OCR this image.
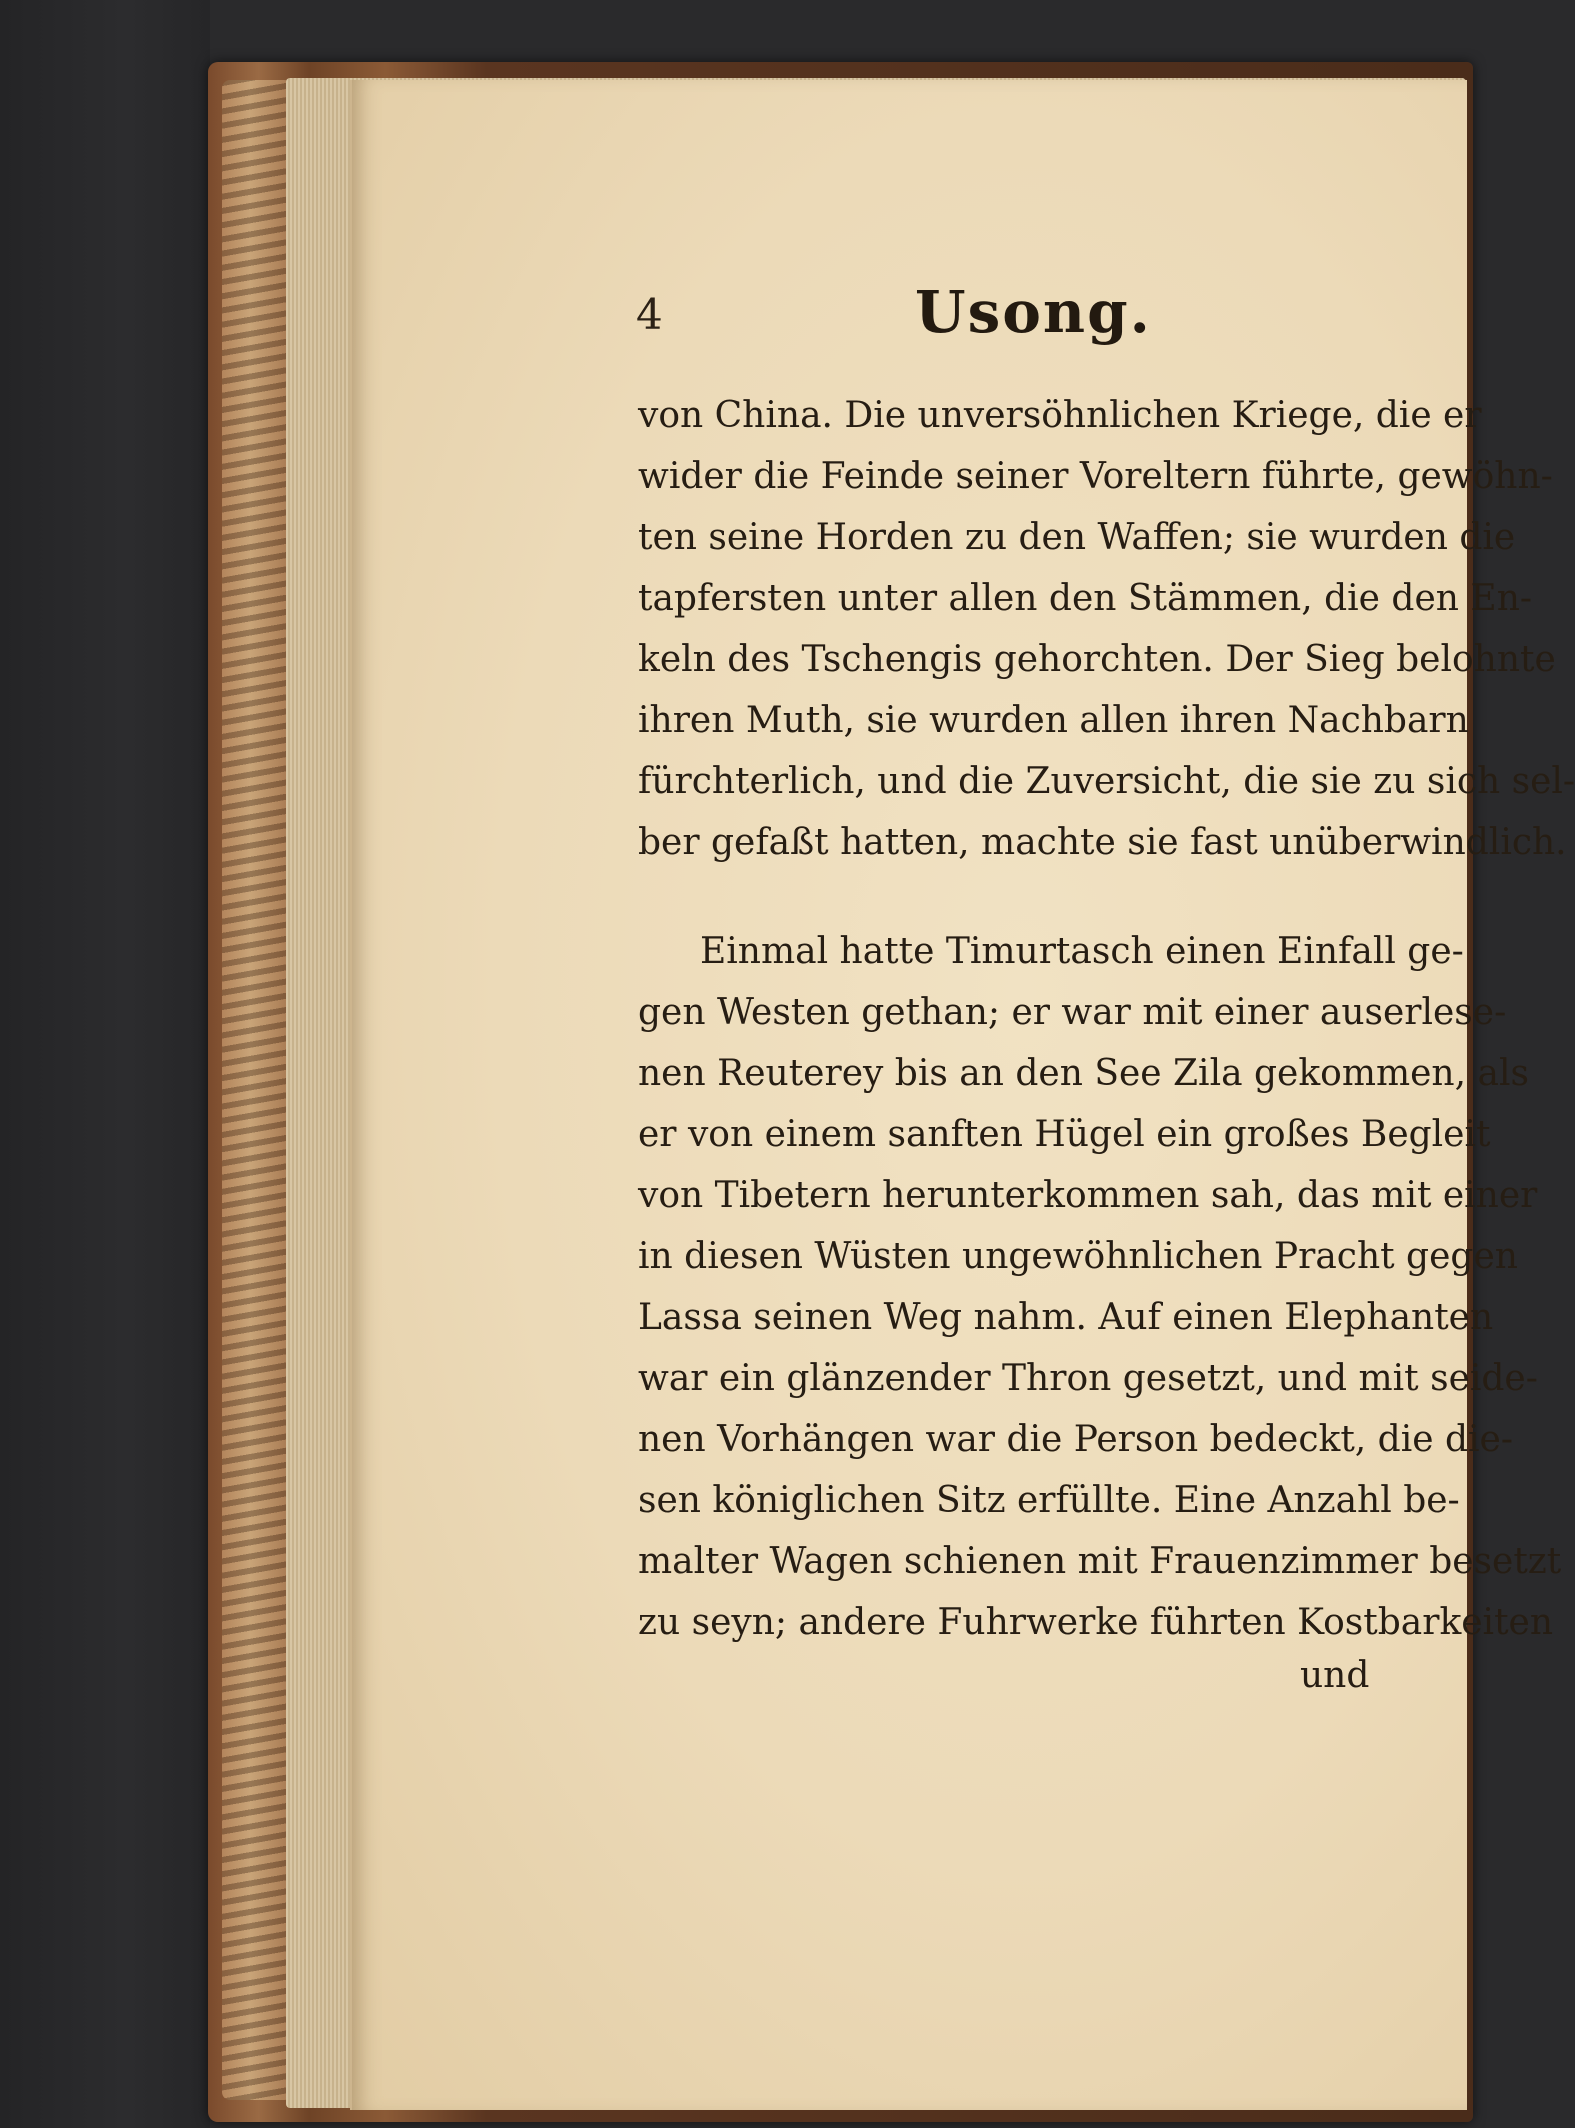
4	Usong.

von China. Die unversöhnlichen Kriege, die er

wider die Feinde seiner Voreltern führte, gewöhn-

ten seine Horden zu den Waffen; sie wurden die

tapfersten unter allen den Stämmen, die den En-

keln des Tschengis gehorchten. Der Sieg belohnte

ihren Muth, sie wurden allen ihren Nachbarn

fürchterlich, und die Zuversicht, die sie zu sich sel-

ber gefaßt hatten, machte sie fast unüberwindlich.

Einmal hatte Timurtasch einen Einfall ge-

gen Westen gethan; er war mit einer auserlese-

nen Reuterey bis an den See Zila gekommen, als

er von einem sanften Hügel ein großes Begleit

von Tibetern herunterkommen sah, das mit einer

in diesen Wüsten ungewöhnlichen Pracht gegen

Lassa seinen Weg nahm. Auf einen Elephanten

war ein glänzender Thron gesetzt, und mit seide-

nen Vorhängen war die Person bedeckt, die die-

sen königlichen Sitz erfüllte. Eine Anzahl be-

malter Wagen schienen mit Frauenzimmer besetzt

zu seyn; andere Fuhrwerke führten Kostbarkeiten

und
